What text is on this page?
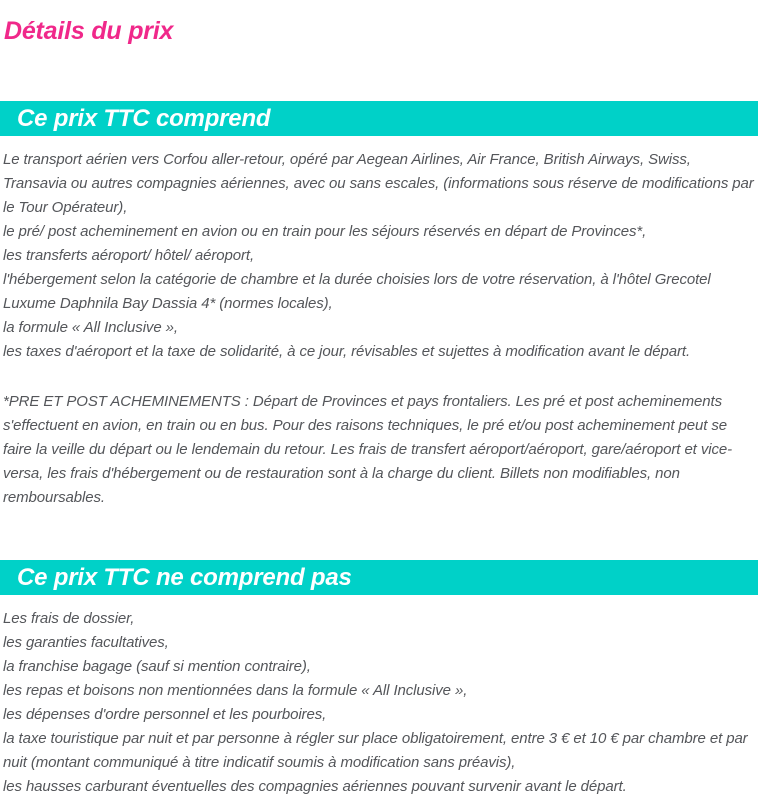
Détails du prix
Ce prix TTC comprend

Le transport aérien vers Corfou aller-retour, opéré par Aegean Airlines, Air France, British Airways, Swiss, Transavia ou autres compagnies aériennes, avec ou sans escales, (informations sous réserve de modifications par le Tour Opérateur),

le pré/ post acheminement en avion ou en train pour les séjours réservés en départ de Provinces*,

les transferts aéroport/ hôtel/ aéroport,

l'hébergement selon la catégorie de chambre et la durée choisies lors de votre réservation, à l'hôtel Grecotel Luxume Daphnila Bay Dassia 4* (normes locales),

la formule « All Inclusive »,

les taxes d'aéroport et la taxe de solidarité, à ce jour, révisables et sujettes à modification avant le départ.

*PRE ET POST ACHEMINEMENTS : Départ de Provinces et pays frontaliers. Les pré et post acheminements s'effectuent en avion, en train ou en bus. Pour des raisons techniques, le pré et/ou post acheminement peut se faire la veille du départ ou le lendemain du retour. Les frais de transfert aéroport/aéroport, gare/aéroport et vice-versa, les frais d'hébergement ou de restauration sont à la charge du client. Billets non modifiables, non remboursables.

Ce prix TTC ne comprend pas

Les frais de dossier,

les garanties facultatives,

la franchise bagage (sauf si mention contraire),

les repas et boisons non mentionnées dans la formule « All Inclusive »,

les dépenses d'ordre personnel et les pourboires,

la taxe touristique par nuit et par personne à régler sur place obligatoirement, entre 3 € et 10 € par chambre et par nuit (montant communiqué à titre indicatif soumis à modification sans préavis),

les hausses carburant éventuelles des compagnies aériennes pouvant survenir avant le départ.
